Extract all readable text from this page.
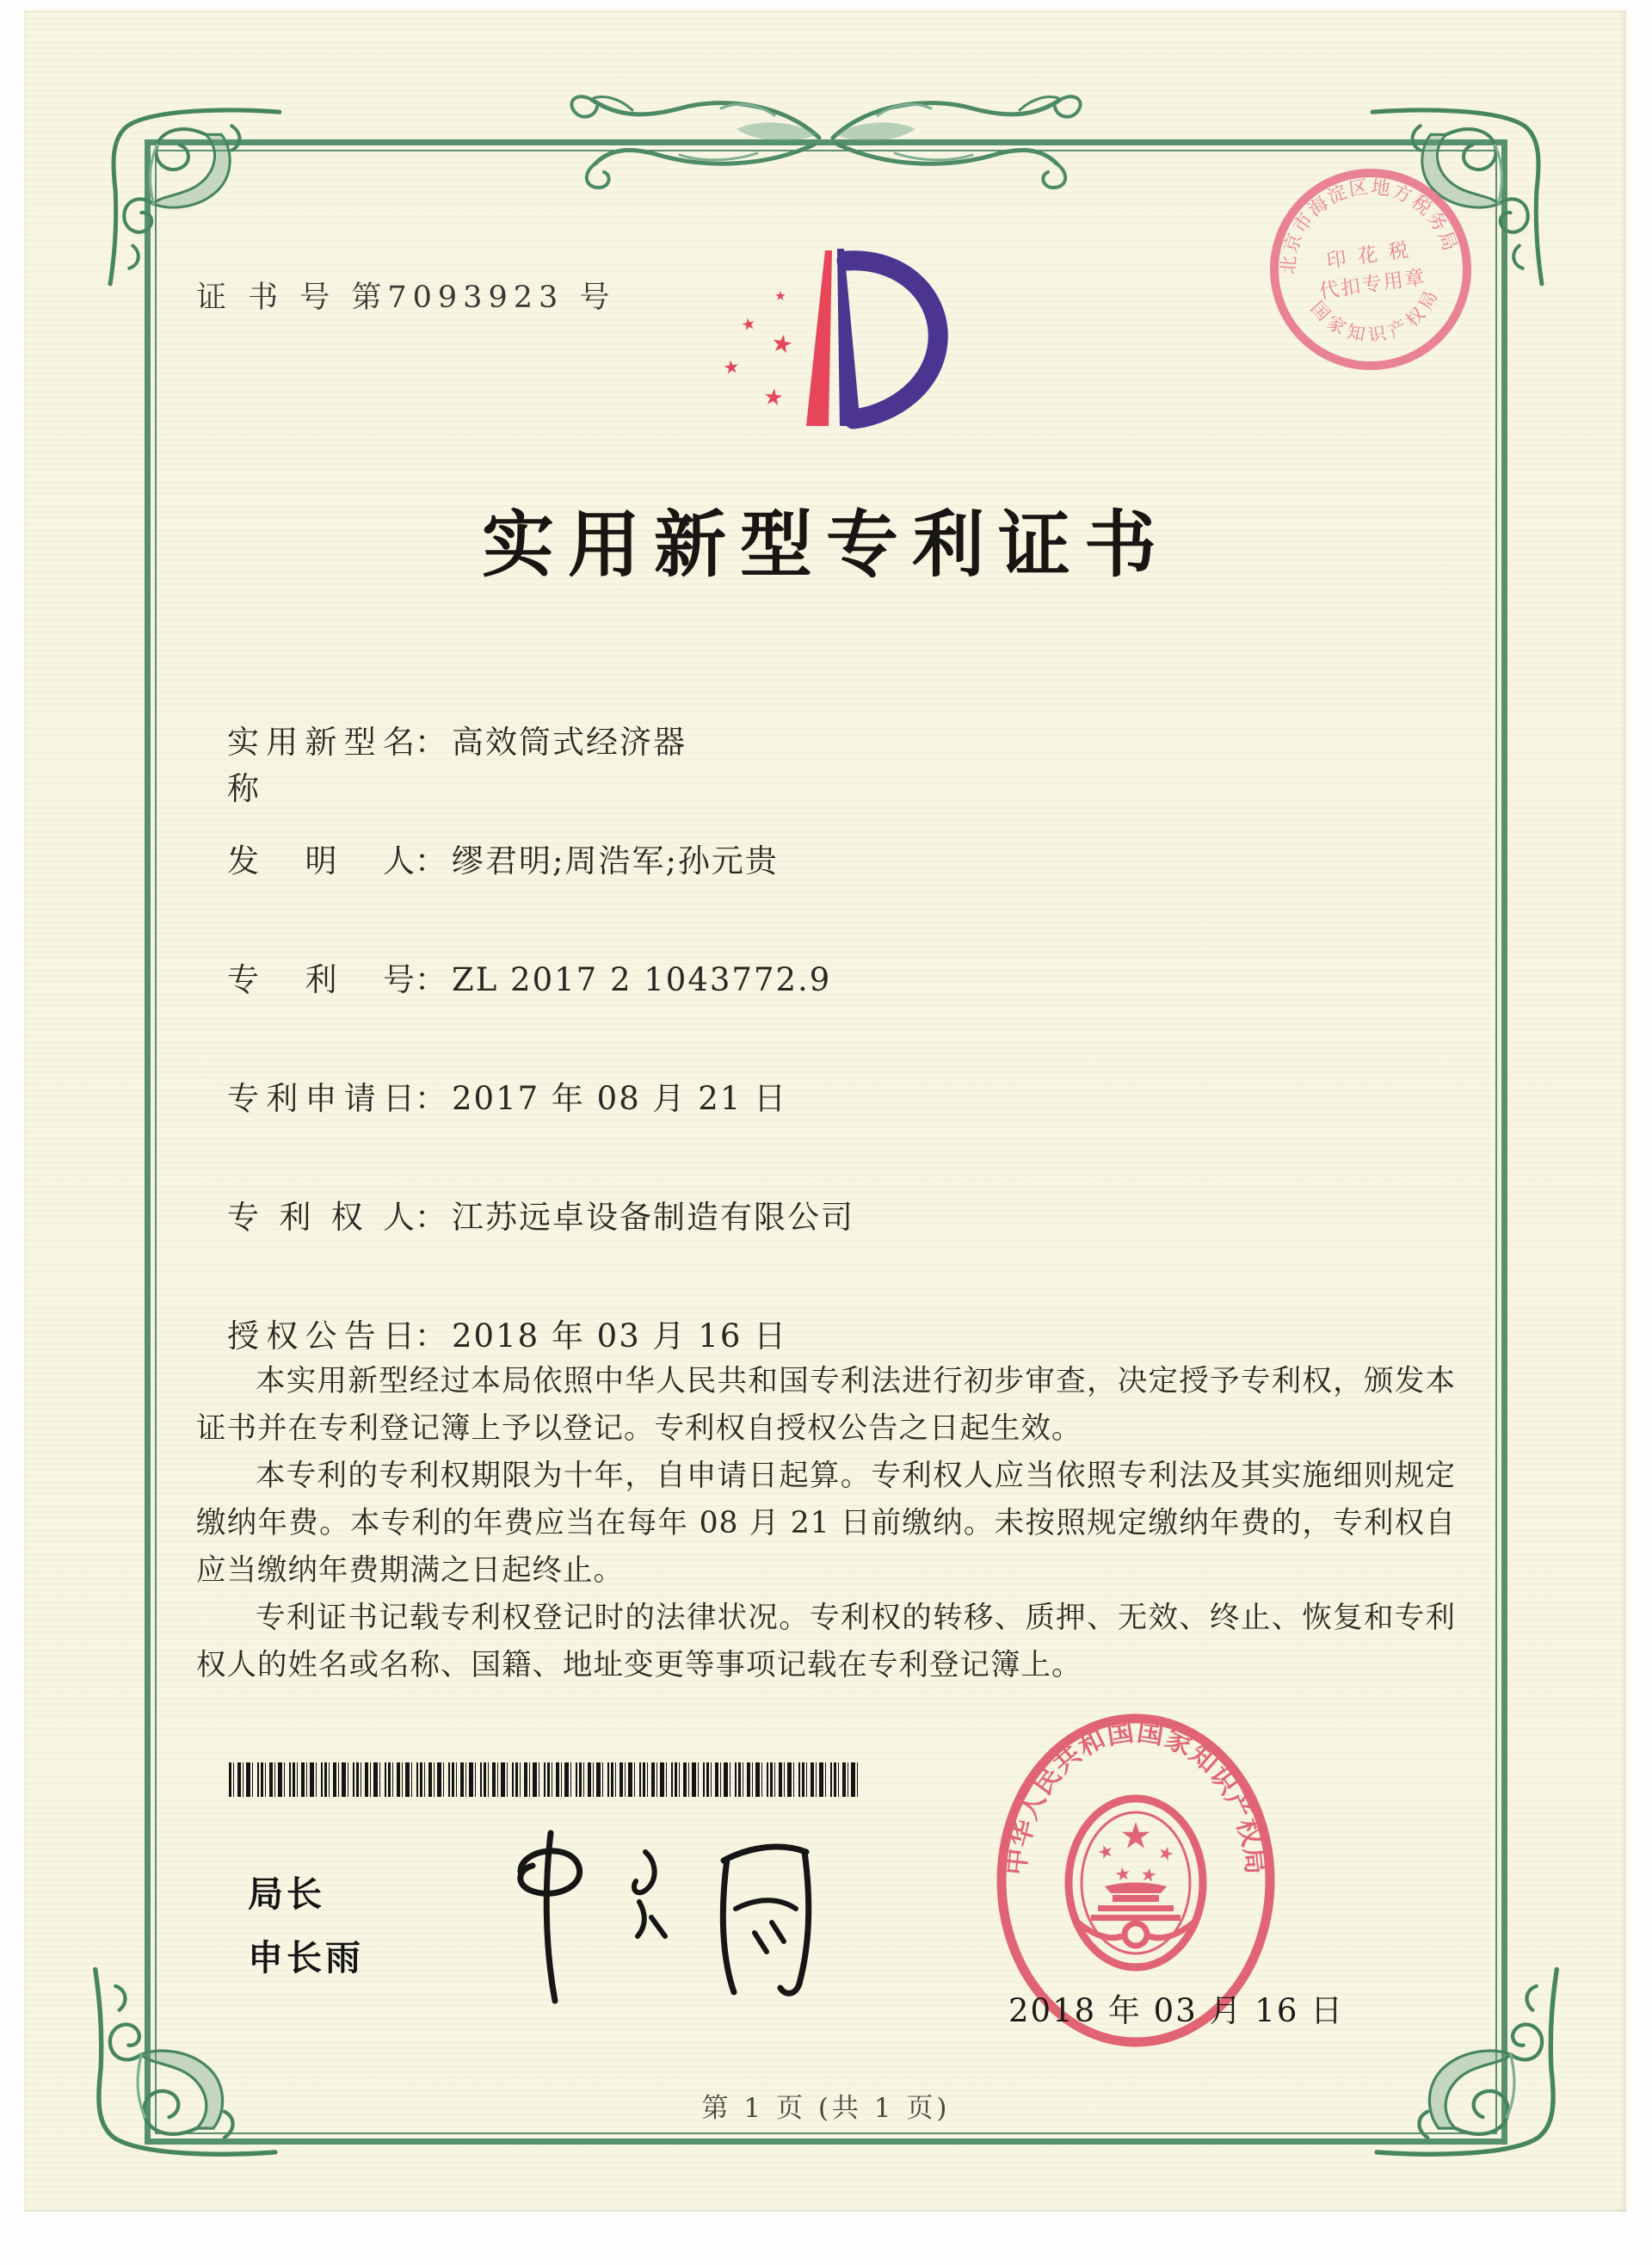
证 书 号 第7093923 号
北京市海淀区地方税务局
国家知识产权局
印 花 税
代扣专用章
实用新型专利证书
实用新型名称
： 高效筒式经济器
发明人 ： 缪君明;周浩军;孙元贵
专利号 ： ZL 2017 2 1043772.9
专利申请日 ： 2017 年 08 月 21 日
专利权人 ： 江苏远卓设备制造有限公司
授权公告日 ： 2018 年 03 月 16 日

本实用新型经过本局依照中华人民共和国专利法进行初步审查，决定授予专利权，颁发本证书并在专利登记簿上予以登记。专利权自授权公告之日起生效。

本专利的专利权期限为十年，自申请日起算。专利权人应当依照专利法及其实施细则规定缴纳年费。本专利的年费应当在每年 08 月 21 日前缴纳。未按照规定缴纳年费的，专利权自应当缴纳年费期满之日起终止。

专利证书记载专利权登记时的法律状况。专利权的转移、质押、无效、终止、恢复和专利权人的姓名或名称、国籍、地址变更等事项记载在专利登记簿上。

局长
申长雨
中华人民共和国国家知识产权局
2018 年 03 月 16 日
第 1 页 (共 1 页)
